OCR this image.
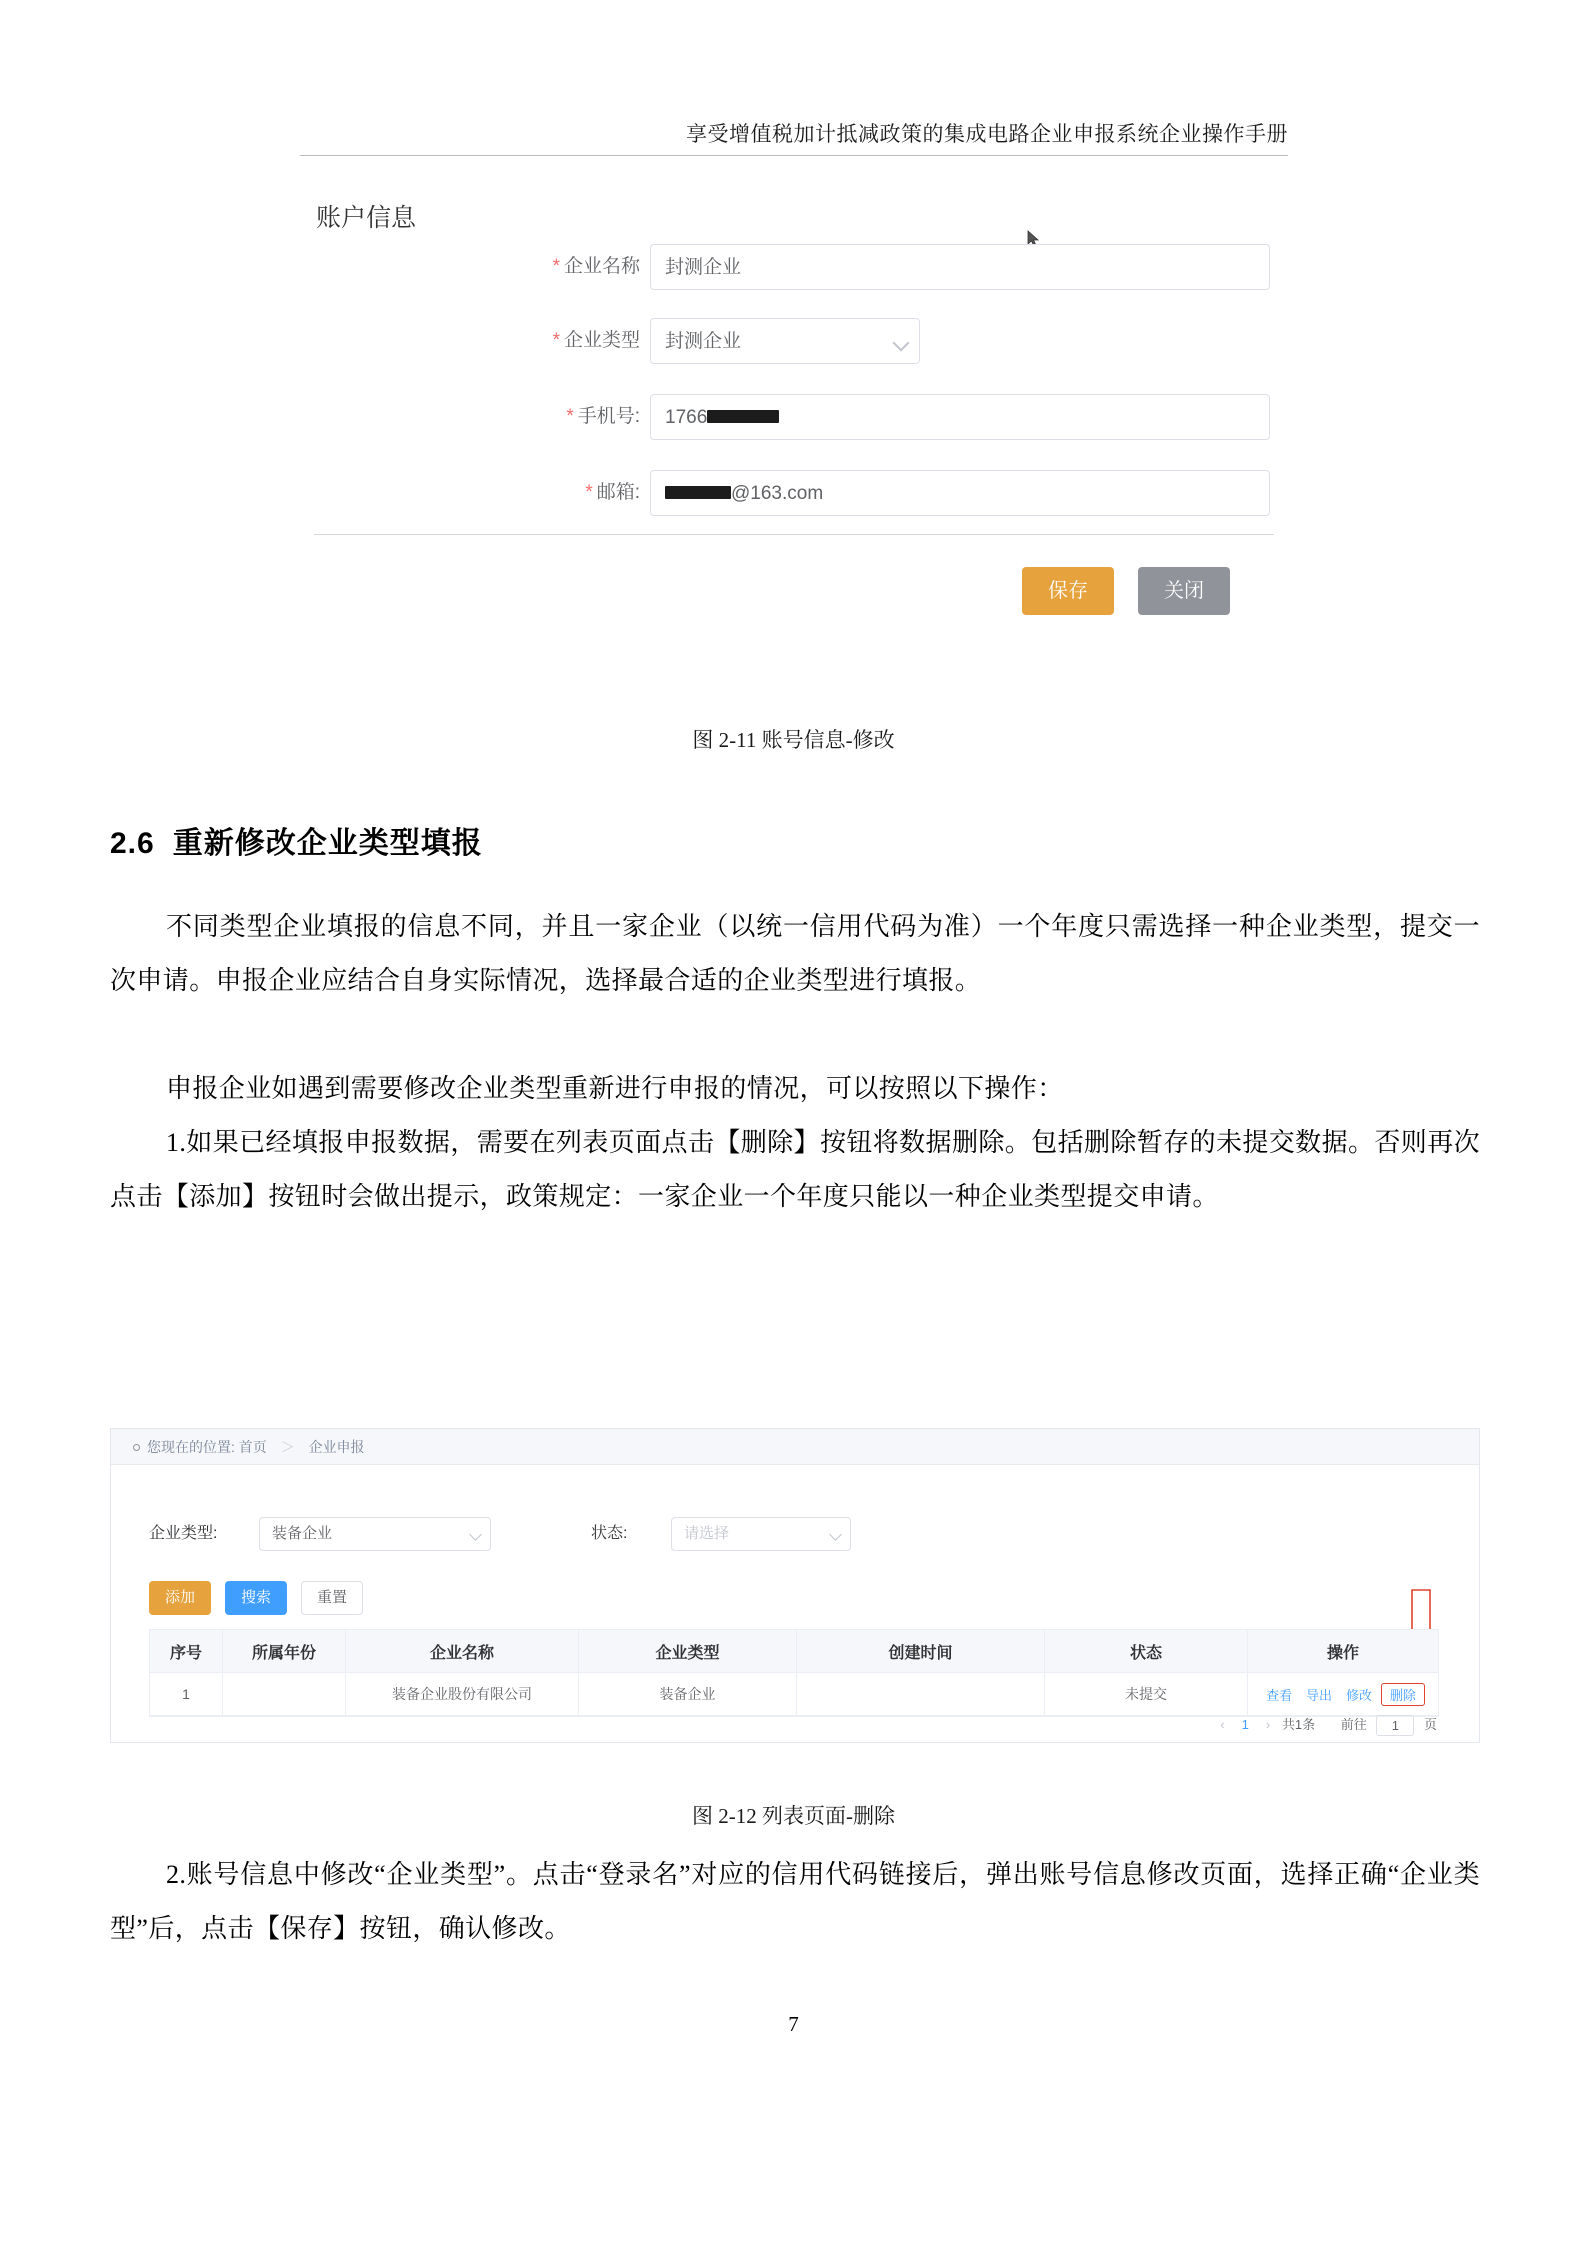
享受增值税加计抵减政策的集成电路企业申报系统企业操作手册
账户信息
* 企业名称 封测企业
* 企业类型 封测企业
* 手机号: 1766
* 邮箱:	@163.com
保存	关闭
图 2-11 账号信息-修改
2.6 重新修改企业类型填报
不同类型企业填报的信息不同，并且一家企业（以统一信用代码为准）一个年度只需选择一种企业类型，提交一次申请。申报企业应结合自身实际情况，选择最合适的企业类型进行填报。
申报企业如遇到需要修改企业类型重新进行申报的情况，可以按照以下操作：
1.如果已经填报申报数据，需要在列表页面点击【删除】按钮将数据删除。包括删除暂存的未提交数据。否则再次点击【添加】按钮时会做出提示，政策规定：一家企业一个年度只能以一种企业类型提交申请。
您现在的位置: 首页 ＞ 企业申报
企业类型:	装备企业	状态:	请选择
添加	搜索	重置
序号	所属年份	企业名称	企业类型	创建时间	状态	操作
1		装备企业股份有限公司	装备企业		未提交	查看 导出 修改 删除
‹ 1 › 共1条 前往 1 页
图 2-12 列表页面-删除
2.账号信息中修改“企业类型”。点击“登录名”对应的信用代码链接后，弹出账号信息修改页面，选择正确“企业类型”后，点击【保存】按钮，确认修改。
7
